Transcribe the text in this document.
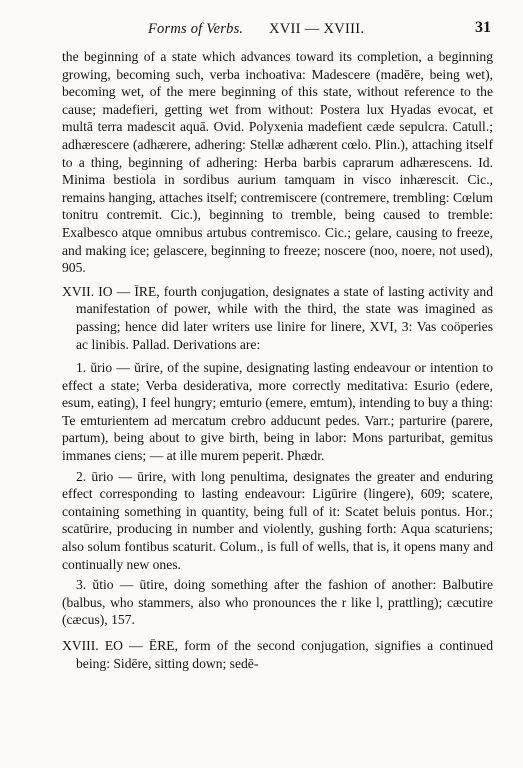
Forms of Verbs. XVII — XVIII.	31

the beginning of a state which advances toward its completion, a beginning growing, becoming such, verba inchoativa: Madescere (madēre, being wet), becoming wet, of the mere beginning of this state, without reference to the cause; madefieri, getting wet from without: Postera lux Hyadas evocat, et multā terra madescit aquā. Ovid. Polyxenia madefient cæde sepulcra. Catull.; adhærescere (adhærere, adhering: Stellæ adhærent cœlo. Plin.), attaching itself to a thing, beginning of adhering: Herba barbis caprarum adhærescens. Id. Minima bestiola in sordibus aurium tamquam in visco inhærescit. Cic., remains hanging, attaches itself; contremiscere (contremere, trembling: Cœlum tonitru contremit. Cic.), beginning to tremble, being caused to tremble: Exalbesco atque omnibus artubus contremisco. Cic.; gelare, causing to freeze, and making ice; gelascere, beginning to freeze; noscere (noo, noere, not used), 905.

XVII. IO — ĪRE, fourth conjugation, designates a state of lasting activity and manifestation of power, while with the third, the state was imagined as passing; hence did later writers use linire for linere, XVI, 3: Vas coöperies ac linibis. Pallad. Derivations are:

1. ŭrio — ŭrire, of the supine, designating lasting endeavour or intention to effect a state; Verba desiderativa, more correctly meditativa: Esurio (edere, esum, eating), I feel hungry; emturio (emere, emtum), intending to buy a thing: Te emturientem ad mercatum crebro adducunt pedes. Varr.; parturire (parere, partum), being about to give birth, being in labor: Mons parturibat, gemitus immanes ciens; — at ille murem peperit. Phædr.

2. ūrio — ūrire, with long penultima, designates the greater and enduring effect corresponding to lasting endeavour: Ligūrire (lingere), 609; scatere, containing something in quantity, being full of it: Scatet beluis pontus. Hor.; scatūrire, producing in number and violently, gushing forth: Aqua scaturiens; also solum fontibus scaturit. Colum., is full of wells, that is, it opens many and continually new ones.

3. ŭtio — ūtire, doing something after the fashion of another: Balbutire (balbus, who stammers, also who pronounces the r like l, prattling); cæcutire (cæcus), 157.

XVIII. EO — ĒRE, form of the second conjugation, signifies a continued being: Sidēre, sitting down; sedē-
